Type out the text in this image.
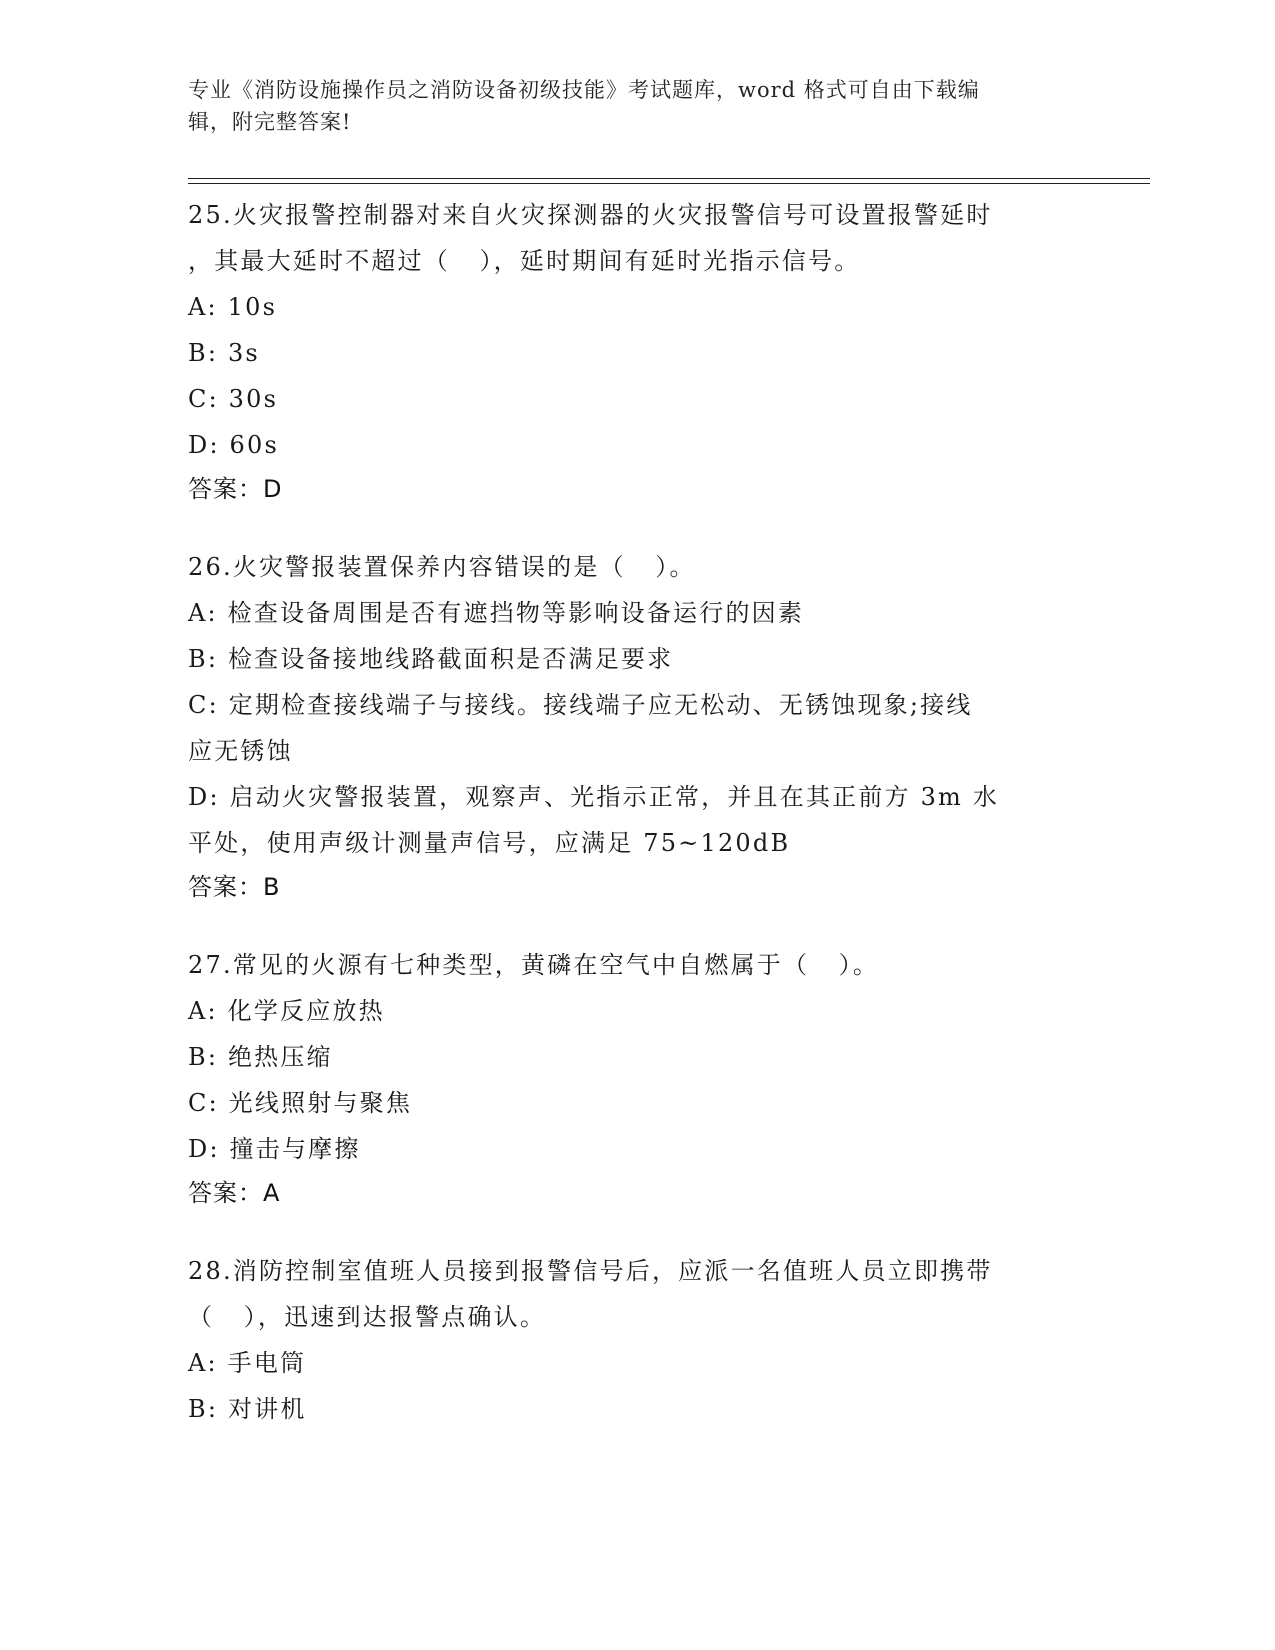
专业《消防设施操作员之消防设备初级技能》考试题库，word 格式可自由下载编
辑，附完整答案!
25.火灾报警控制器对来自火灾探测器的火灾报警信号可设置报警延时
，其最大延时不超过（   ），延时期间有延时光指示信号。
A: 10s
B: 3s
C: 30s
D: 60s
答案：D
26.火灾警报装置保养内容错误的是（   ）。
A: 检查设备周围是否有遮挡物等影响设备运行的因素
B: 检查设备接地线路截面积是否满足要求
C: 定期检查接线端子与接线。接线端子应无松动、无锈蚀现象;接线
应无锈蚀
D: 启动火灾警报装置，观察声、光指示正常，并且在其正前方 3m 水
平处，使用声级计测量声信号，应满足 75~120dB
答案：B
27.常见的火源有七种类型，黄磷在空气中自燃属于（   ）。
A: 化学反应放热
B: 绝热压缩
C: 光线照射与聚焦
D: 撞击与摩擦
答案：A
28.消防控制室值班人员接到报警信号后，应派一名值班人员立即携带
（   ），迅速到达报警点确认。
A: 手电筒
B: 对讲机
